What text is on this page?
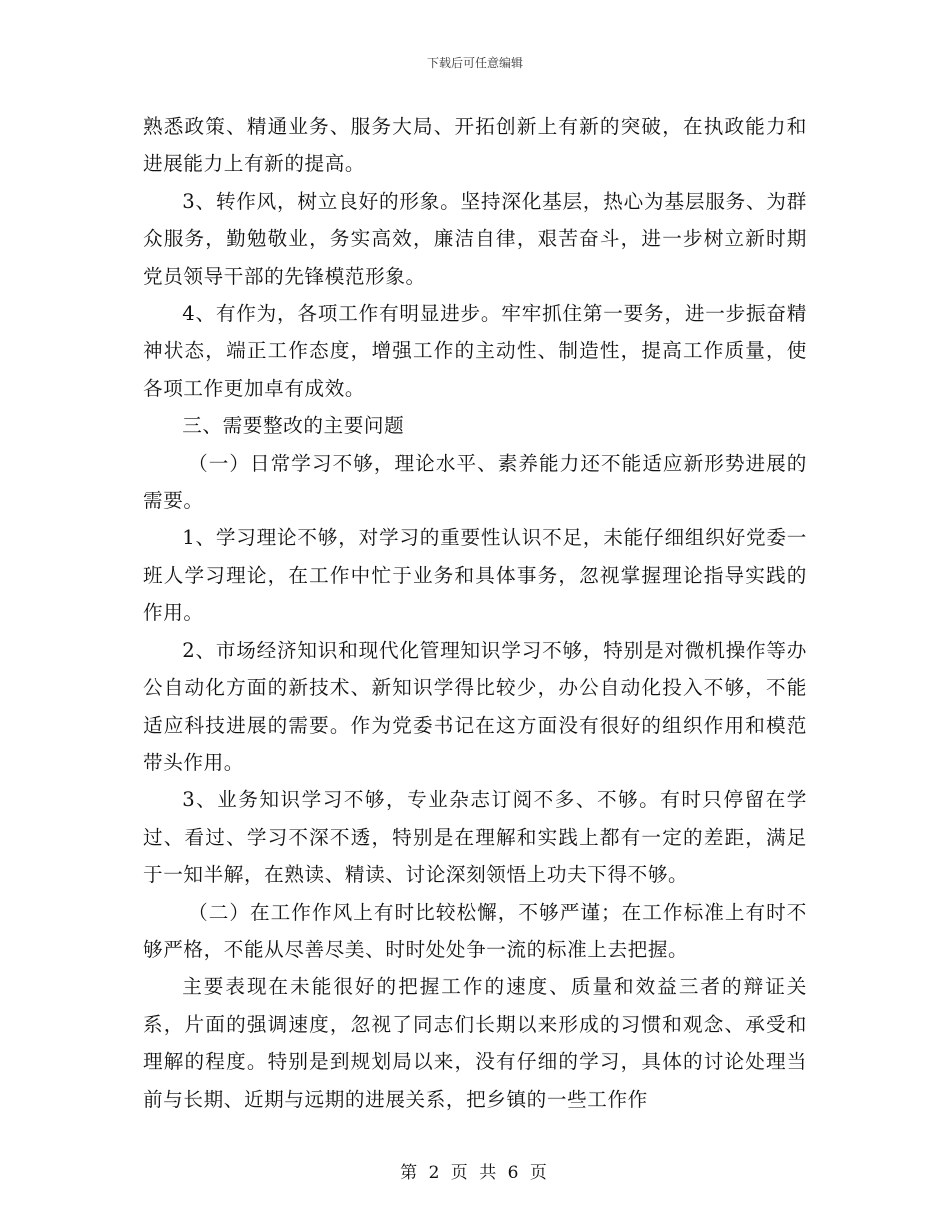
下载后可任意编辑

熟悉政策、精通业务、服务大局、开拓创新上有新的突破，在执政能力和进展能力上有新的提高。

3、转作风，树立良好的形象。坚持深化基层，热心为基层服务、为群众服务，勤勉敬业，务实高效，廉洁自律，艰苦奋斗，进一步树立新时期党员领导干部的先锋模范形象。

4、有作为，各项工作有明显进步。牢牢抓住第一要务，进一步振奋精神状态，端正工作态度，增强工作的主动性、制造性，提高工作质量，使各项工作更加卓有成效。

三、需要整改的主要问题

（一）日常学习不够，理论水平、素养能力还不能适应新形势进展的需要。

1、学习理论不够，对学习的重要性认识不足，未能仔细组织好党委一班人学习理论，在工作中忙于业务和具体事务，忽视掌握理论指导实践的作用。

2、市场经济知识和现代化管理知识学习不够，特别是对微机操作等办公自动化方面的新技术、新知识学得比较少，办公自动化投入不够，不能适应科技进展的需要。作为党委书记在这方面没有很好的组织作用和模范带头作用。

3、业务知识学习不够，专业杂志订阅不多、不够。有时只停留在学过、看过、学习不深不透，特别是在理解和实践上都有一定的差距，满足于一知半解，在熟读、精读、讨论深刻领悟上功夫下得不够。

（二）在工作作风上有时比较松懈，不够严谨；在工作标准上有时不够严格，不能从尽善尽美、时时处处争一流的标准上去把握。

主要表现在未能很好的把握工作的速度、质量和效益三者的辩证关系，片面的强调速度，忽视了同志们长期以来形成的习惯和观念、承受和理解的程度。特别是到规划局以来，没有仔细的学习，具体的讨论处理当前与长期、近期与远期的进展关系，把乡镇的一些工作作

第 2 页 共 6 页
